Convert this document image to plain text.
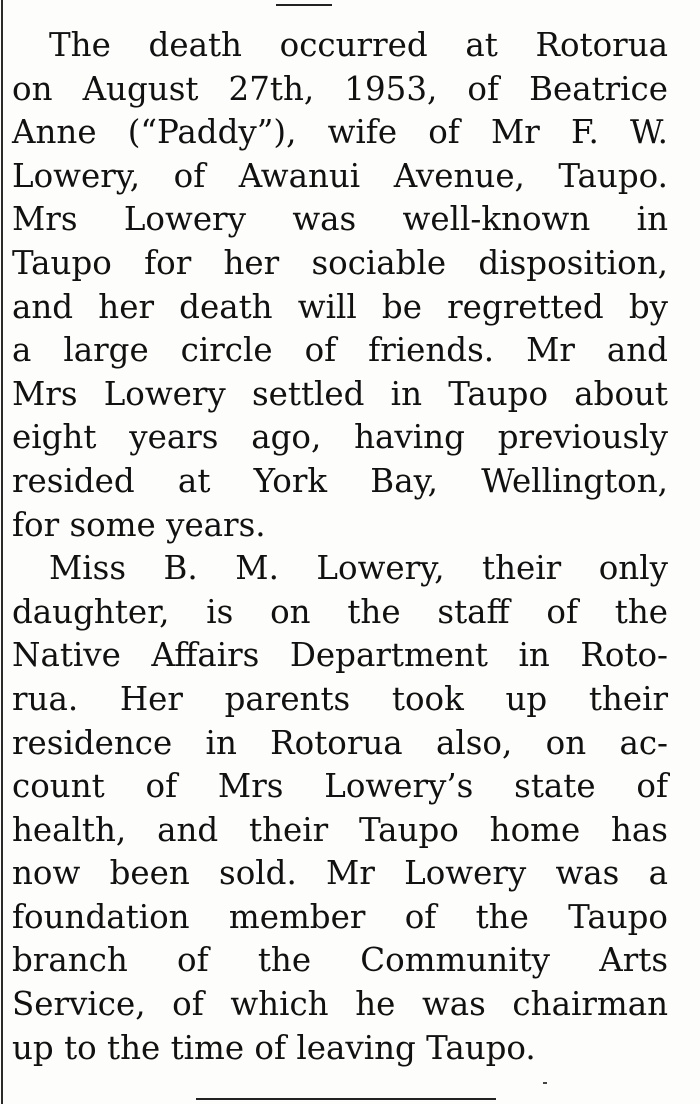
The death occurred at Rotorua
on August 27th, 1953, of Beatrice
Anne (“Paddy”), wife of Mr F. W.
Lowery, of Awanui Avenue, Taupo.
Mrs Lowery was well-known in
Taupo for her sociable disposition,
and her death will be regretted by
a large circle of friends. Mr and
Mrs Lowery settled in Taupo about
eight years ago, having previously
resided at York Bay, Wellington,
for some years.

Miss B. M. Lowery, their only
daughter, is on the staff of the
Native Affairs Department in Roto-
rua. Her parents took up their
residence in Rotorua also, on ac-
count of Mrs Lowery’s state of
health, and their Taupo home has
now been sold. Mr Lowery was a
foundation member of the Taupo
branch of the Community Arts
Service, of which he was chairman
up to the time of leaving Taupo.
